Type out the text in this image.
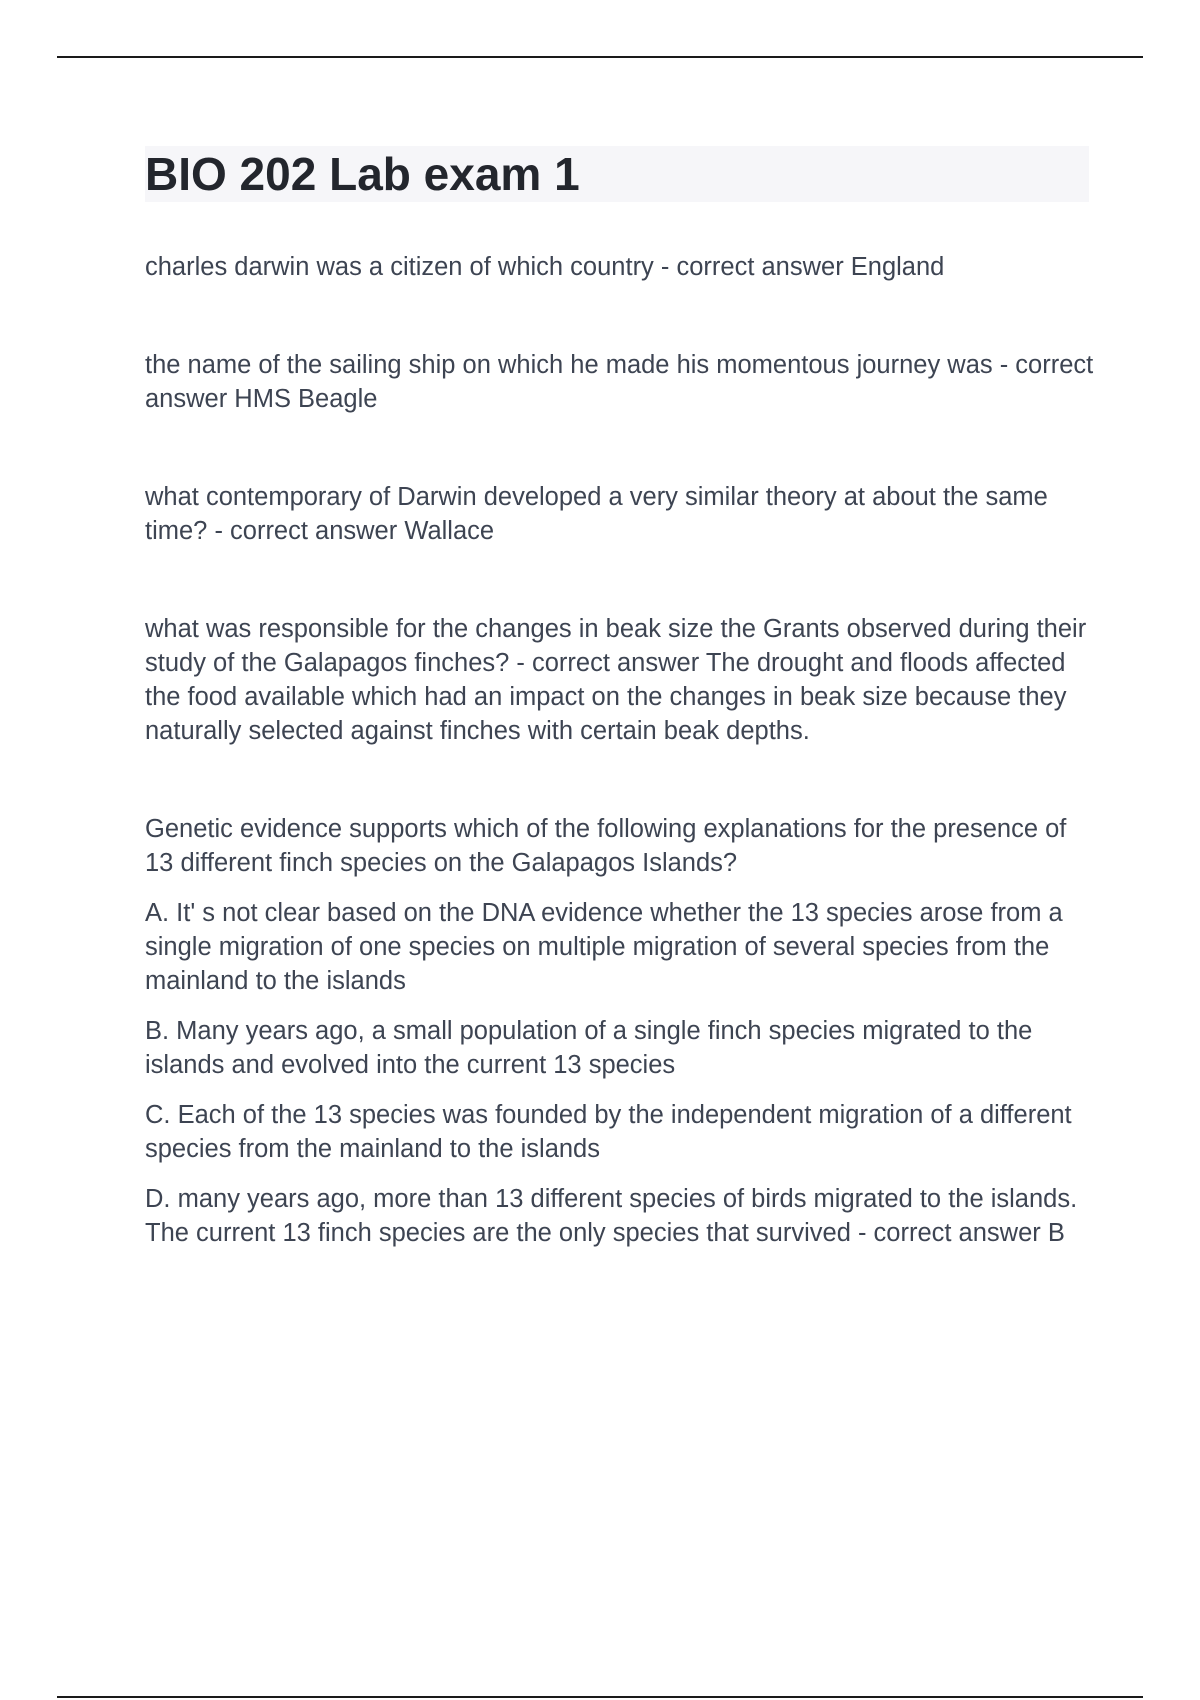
BIO 202 Lab exam 1

charles darwin was a citizen of which country - correct answer England

the name of the sailing ship on which he made his momentous journey was - correct answer HMS Beagle

what contemporary of Darwin developed a very similar theory at about the same time? - correct answer Wallace

what was responsible for the changes in beak size the Grants observed during their study of the Galapagos finches? - correct answer The drought and floods affected the food available which had an impact on the changes in beak size because they naturally selected against finches with certain beak depths.

Genetic evidence supports which of the following explanations for the presence of 13 different finch species on the Galapagos Islands?

A. It' s not clear based on the DNA evidence whether the 13 species arose from a single migration of one species on multiple migration of several species from the mainland to the islands

B. Many years ago, a small population of a single finch species migrated to the islands and evolved into the current 13 species

C. Each of the 13 species was founded by the independent migration of a different species from the mainland to the islands

D. many years ago, more than 13 different species of birds migrated to the islands. The current 13 finch species are the only species that survived - correct answer B
